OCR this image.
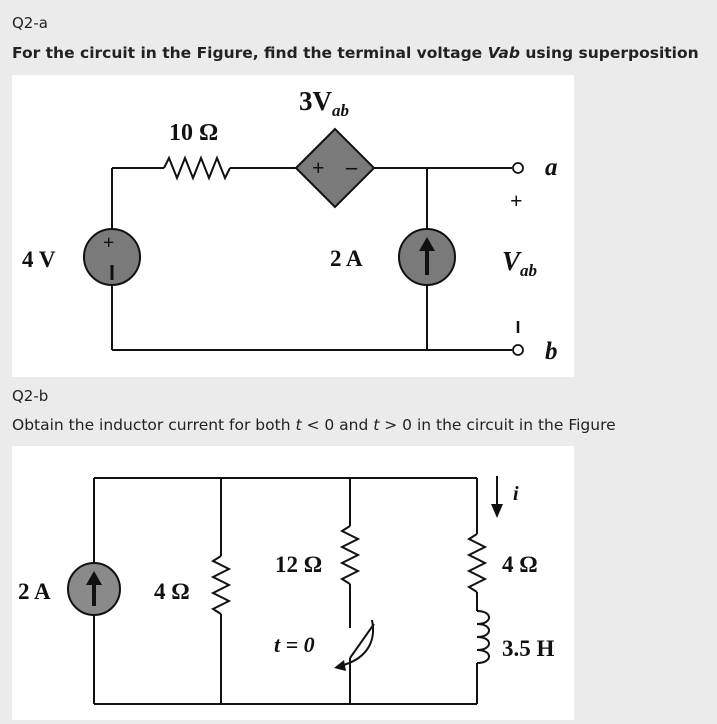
Q2-a
For the circuit in the Figure, find the terminal voltage Vab using superposition
+ –
$3V_{ab}$
10 Ω
+
4 V	2 A
a
b
+
$V_{ab}$
Q2-b
Obtain the inductor current for both t < 0 and t > 0 in the circuit in the Figure
t = 0
2 A	4 Ω
12 Ω	4 Ω
3.5 H
i
